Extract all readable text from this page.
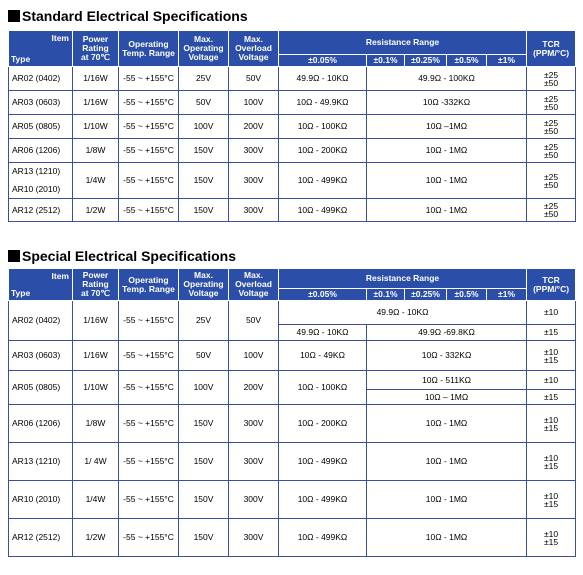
Standard Electrical Specifications
Item
Type	Power
Rating
at 70℃	Operating
Temp. Range	Max.
Operating
Voltage	Max.
Overload
Voltage	Resistance Range					TCR
(PPM/°C)
					±0.05%	±0.1%	±0.25%	±0.5%	±1%	
AR02 (0402)	1/16W	-55 ~ +155°C	25V	50V	49.9Ω - 10KΩ	49.9Ω - 100KΩ				±25
±50

AR03 (0603)	1/16W	-55 ~ +155°C	50V	100V	10Ω - 49.9KΩ	10Ω -332KΩ				±25
±50

AR05 (0805)	1/10W	-55 ~ +155°C	100V	200V	10Ω - 100KΩ	10Ω –1MΩ				±25
±50

AR06 (1206)	1/8W	-55 ~ +155°C	150V	300V	10Ω - 200KΩ	10Ω - 1MΩ				±25
±50

AR13 (1210)

AR10 (2010)	1/4W	-55 ~ +155°C	150V	300V	10Ω - 499KΩ	10Ω - 1MΩ				±25
±50

AR12 (2512)	1/2W	-55 ~ +155°C	150V	300V	10Ω - 499KΩ	10Ω - 1MΩ				±25
±50
Special Electrical Specifications
Item
Type	Power
Rating
at 70℃	Operating
Temp. Range	Max.
Operating
Voltage	Max.
Overload
Voltage	Resistance Range					TCR
(PPM/°C)
					±0.05%	±0.1%	±0.25%	±0.5%	±1%	
AR02 (0402)	1/16W	-55 ~ +155°C	25V	50V	49.9Ω - 10KΩ					±10
					49.9Ω - 10KΩ	49.9Ω -69.8KΩ				±15
AR03 (0603)	1/16W	-55 ~ +155°C	50V	100V	10Ω - 49KΩ	10Ω - 332KΩ				±10
±15

AR05 (0805)	1/10W	-55 ~ +155°C	100V	200V	10Ω - 100KΩ	10Ω - 511KΩ				±10
						10Ω – 1MΩ				±15
AR06 (1206)	1/8W	-55 ~ +155°C	150V	300V	10Ω - 200KΩ	10Ω - 1MΩ				±10
±15

AR13 (1210)	1/ 4W	-55 ~ +155°C	150V	300V	10Ω - 499KΩ	10Ω - 1MΩ				±10
±15

AR10 (2010)	1/4W	-55 ~ +155°C	150V	300V	10Ω - 499KΩ	10Ω - 1MΩ				±10
±15

AR12 (2512)	1/2W	-55 ~ +155°C	150V	300V	10Ω - 499KΩ	10Ω - 1MΩ				±10
±15
